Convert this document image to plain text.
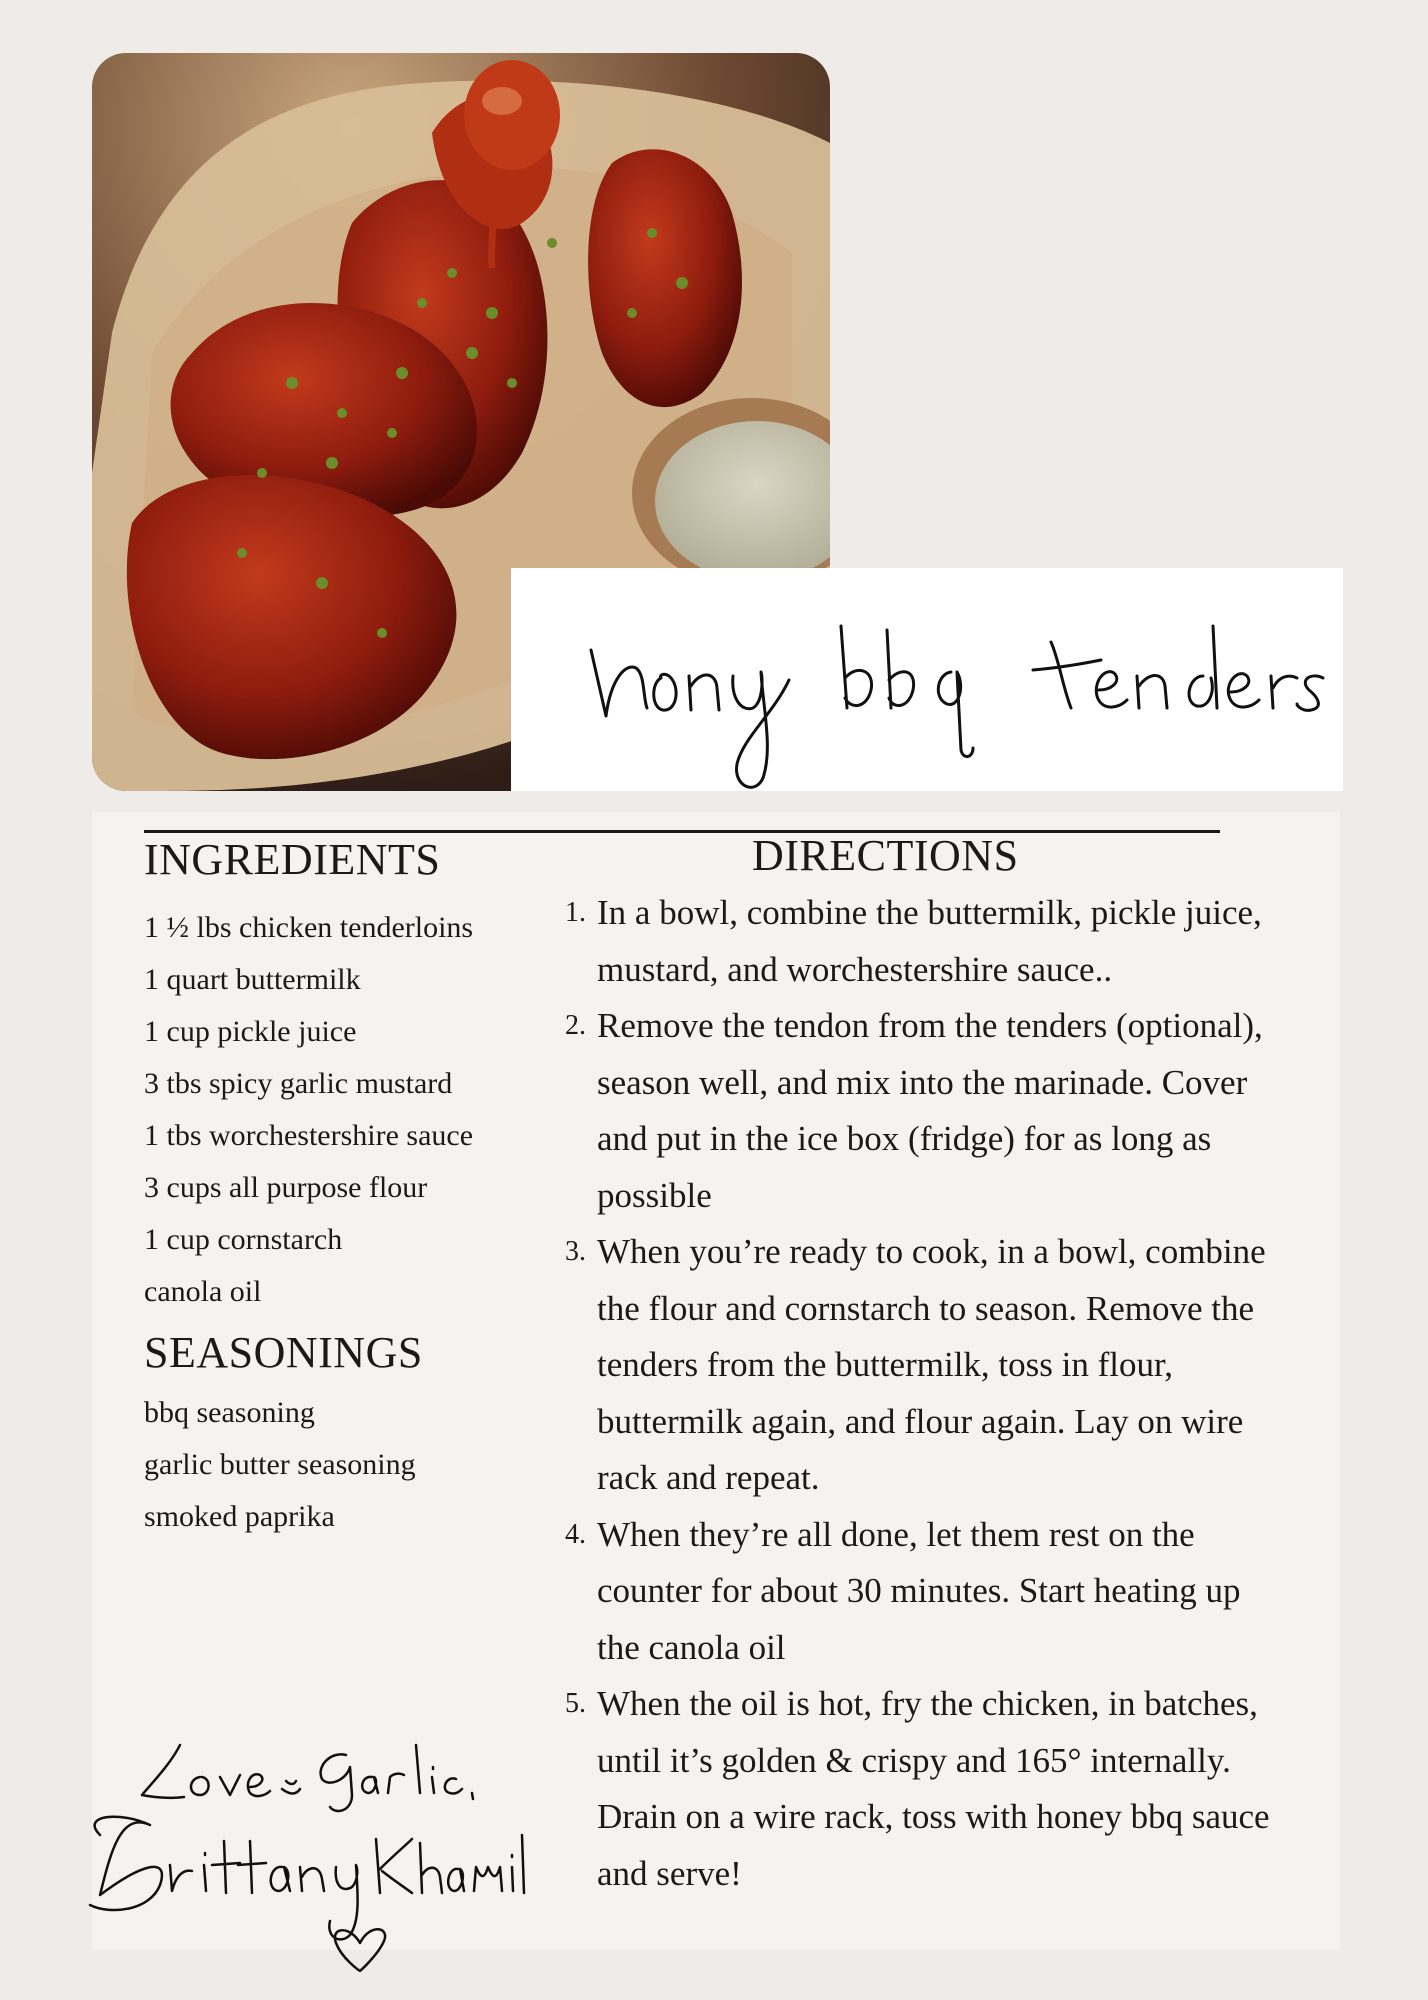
INGREDIENTS
1 ½ lbs chicken tenderloins
1 quart buttermilk
1 cup pickle juice
3 tbs spicy garlic mustard
1 tbs worchestershire sauce
3 cups all purpose flour
1 cup cornstarch
canola oil
SEASONINGS
bbq seasoning
garlic butter seasoning
smoked paprika
DIRECTIONS
1. In a bowl, combine the buttermilk, pickle juice, mustard, and worchestershire sauce..
2. Remove the tendon from the tenders (optional), season well, and mix into the marinade. Cover and put in the ice box (fridge) for as long as possible
3. When you’re ready to cook, in a bowl, combine the flour and cornstarch to season. Remove the tenders from the buttermilk, toss in flour, buttermilk again, and flour again. Lay on wire rack and repeat.
4. When they’re all done, let them rest on the counter for about 30 minutes. Start heating up the canola oil
5. When the oil is hot, fry the chicken, in batches, until it’s golden & crispy and 165° internally. Drain on a wire rack, toss with honey bbq sauce and serve!
